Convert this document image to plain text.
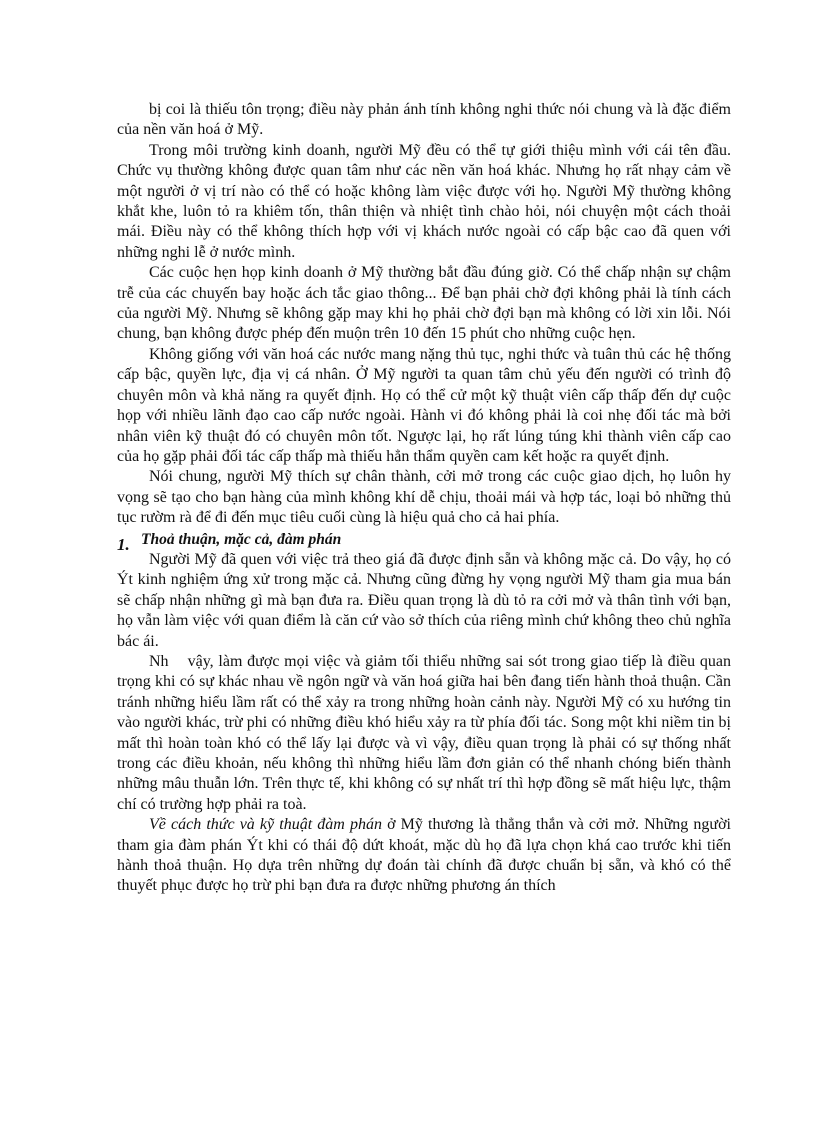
bị coi là thiếu tôn trọng; điều này phản ánh tính không nghi thức nói chung và là đặc điểm của nền văn hoá ở Mỹ.

Trong môi trường kinh doanh, người Mỹ đều có thể tự giới thiệu mình với cái tên đầu. Chức vụ thường không được quan tâm như các nền văn hoá khác. Nhưng họ rất nhạy cảm về một người ở vị trí nào có thể có hoặc không làm việc được với họ. Người Mỹ thường không khắt khe, luôn tỏ ra khiêm tốn, thân thiện và nhiệt tình chào hỏi, nói chuyện một cách thoải mái. Điều này có thể không thích hợp với vị khách nước ngoài có cấp bậc cao đã quen với những nghi lễ ở nước mình.

Các cuộc hẹn họp kinh doanh ở Mỹ thường bắt đầu đúng giờ. Có thể chấp nhận sự chậm trễ của các chuyến bay hoặc ách tắc giao thông... Để bạn phải chờ đợi không phải là tính cách của người Mỹ. Nhưng sẽ không gặp may khi họ phải chờ đợi bạn mà không có lời xin lỗi. Nói chung, bạn không được phép đến muộn trên 10 đến 15 phút cho những cuộc hẹn.

Không giống với văn hoá các nước mang nặng thủ tục, nghi thức và tuân thủ các hệ thống cấp bậc, quyền lực, địa vị cá nhân. Ở Mỹ người ta quan tâm chủ yếu đến người có trình độ chuyên môn và khả năng ra quyết định. Họ có thể cử một kỹ thuật viên cấp thấp đến dự cuộc họp với nhiều lãnh đạo cao cấp nước ngoài. Hành vi đó không phải là coi nhẹ đối tác mà bởi nhân viên kỹ thuật đó có chuyên môn tốt. Ngược lại, họ rất lúng túng khi thành viên cấp cao của họ gặp phải đối tác cấp thấp mà thiếu hẳn thẩm quyền cam kết hoặc ra quyết định.

Nói chung, người Mỹ thích sự chân thành, cởi mở trong các cuộc giao dịch, họ luôn hy vọng sẽ tạo cho bạn hàng của mình không khí dễ chịu, thoải mái và hợp tác, loại bỏ những thủ tục rườm rà để đi đến mục tiêu cuối cùng là hiệu quả cho cả hai phía.

1. Thoả thuận, mặc cả, đàm phán

Người Mỹ đã quen với việc trả theo giá đã được định sẵn và không mặc cả. Do vậy, họ có Ýt kinh nghiệm ứng xử trong mặc cả. Nhưng cũng đừng hy vọng người Mỹ tham gia mua bán sẽ chấp nhận những gì mà bạn đưa ra. Điều quan trọng là dù tỏ ra cởi mở và thân tình với bạn, họ vẫn làm việc với quan điểm là căn cứ vào sở thích của riêng mình chứ không theo chủ nghĩa bác ái.

Nh    vậy, làm được mọi việc và giảm tối thiểu những sai sót trong giao tiếp là điều quan trọng khi có sự khác nhau về ngôn ngữ và văn hoá giữa hai bên đang tiến hành thoả thuận. Cần tránh những hiểu lầm rất có thể xảy ra trong những hoàn cảnh này. Người Mỹ có xu hướng tin vào người khác, trừ phi có những điều khó hiểu xảy ra từ phía đối tác. Song một khi niềm tin bị mất thì hoàn toàn khó có thể lấy lại được và vì vậy, điều quan trọng là phải có sự thống nhất trong các điều khoản, nếu không thì những hiểu lầm đơn giản có thể nhanh chóng biến thành những mâu thuẫn lớn. Trên thực tế, khi không có sự nhất trí thì hợp đồng sẽ mất hiệu lực, thậm chí có trường hợp phải ra toà.

Về cách thức và kỹ thuật đàm phán ở Mỹ thương là thẳng thắn và cởi mở. Những người tham gia đàm phán Ýt khi có thái độ dứt khoát, mặc dù họ đã lựa chọn khá cao trước khi tiến hành thoả thuận. Họ dựa trên những dự đoán tài chính đã được chuẩn bị sẵn, và khó có thể thuyết phục được họ trừ phi bạn đưa ra được những phương án thích
